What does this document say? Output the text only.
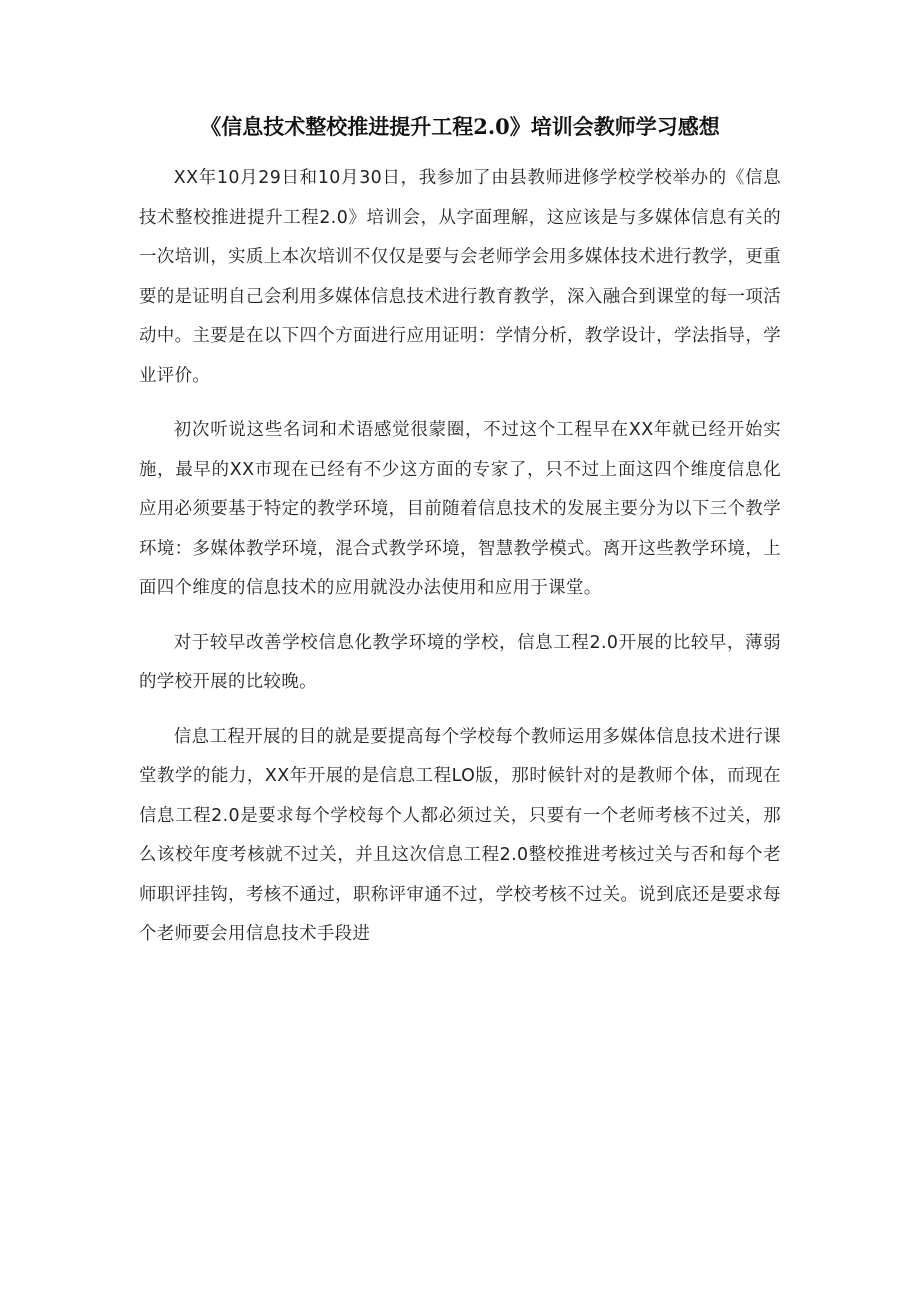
《信息技术整校推进提升工程2.0》培训会教师学习感想

XX年10月29日和10月30日，我参加了由县教师进修学校学校举办的《信息技术整校推进提升工程2.0》培训会，从字面理解，这应该是与多媒体信息有关的一次培训，实质上本次培训不仅仅是要与会老师学会用多媒体技术进行教学，更重要的是证明自己会利用多媒体信息技术进行教育教学，深入融合到课堂的每一项活动中。主要是在以下四个方面进行应用证明：学情分析，教学设计，学法指导，学业评价。

初次听说这些名词和术语感觉很蒙圈，不过这个工程早在XX年就已经开始实施，最早的XX市现在已经有不少这方面的专家了，只不过上面这四个维度信息化应用必须要基于特定的教学环境，目前随着信息技术的发展主要分为以下三个教学环境：多媒体教学环境，混合式教学环境，智慧教学模式。离开这些教学环境，上面四个维度的信息技术的应用就没办法使用和应用于课堂。

对于较早改善学校信息化教学环境的学校，信息工程2.0开展的比较早，薄弱的学校开展的比较晚。

信息工程开展的目的就是要提高每个学校每个教师运用多媒体信息技术进行课堂教学的能力，XX年开展的是信息工程LO版，那时候针对的是教师个体，而现在信息工程2.0是要求每个学校每个人都必须过关，只要有一个老师考核不过关，那么该校年度考核就不过关，并且这次信息工程2.0整校推进考核过关与否和每个老师职评挂钩，考核不通过，职称评审通不过，学校考核不过关。说到底还是要求每个老师要会用信息技术手段进
